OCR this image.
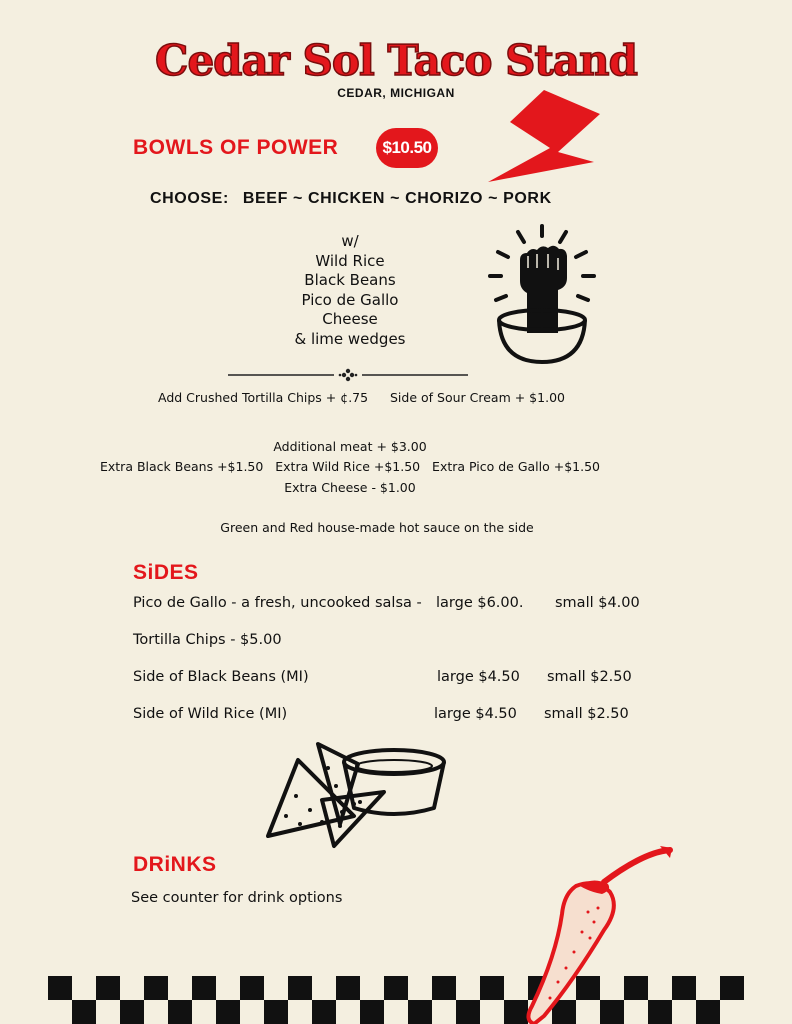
Cedar Sol Taco Stand
CEDAR, MICHIGAN
BOWLS OF POWER	$10.50
CHOOSE: BEEF ~ CHICKEN ~ CHORIZO ~ PORK
w/
Wild Rice
Black Beans
Pico de Gallo
Cheese
& lime wedges
Add Crushed Tortilla Chips + ¢.75 Side of Sour Cream + $1.00
Additional meat + $3.00
Extra Black Beans +$1.50   Extra Wild Rice +$1.50   Extra Pico de Gallo +$1.50
Extra Cheese - $1.00
Green and Red house-made hot sauce on the side
SiDES
Pico de Gallo - a fresh, uncooked salsa - large $6.00. small $4.00
Tortilla Chips - $5.00
Side of Black Beans (MI)	large $4.50 small $2.50
Side of Wild Rice (MI)	large $4.50 small $2.50
DRiNKS
See counter for drink options
